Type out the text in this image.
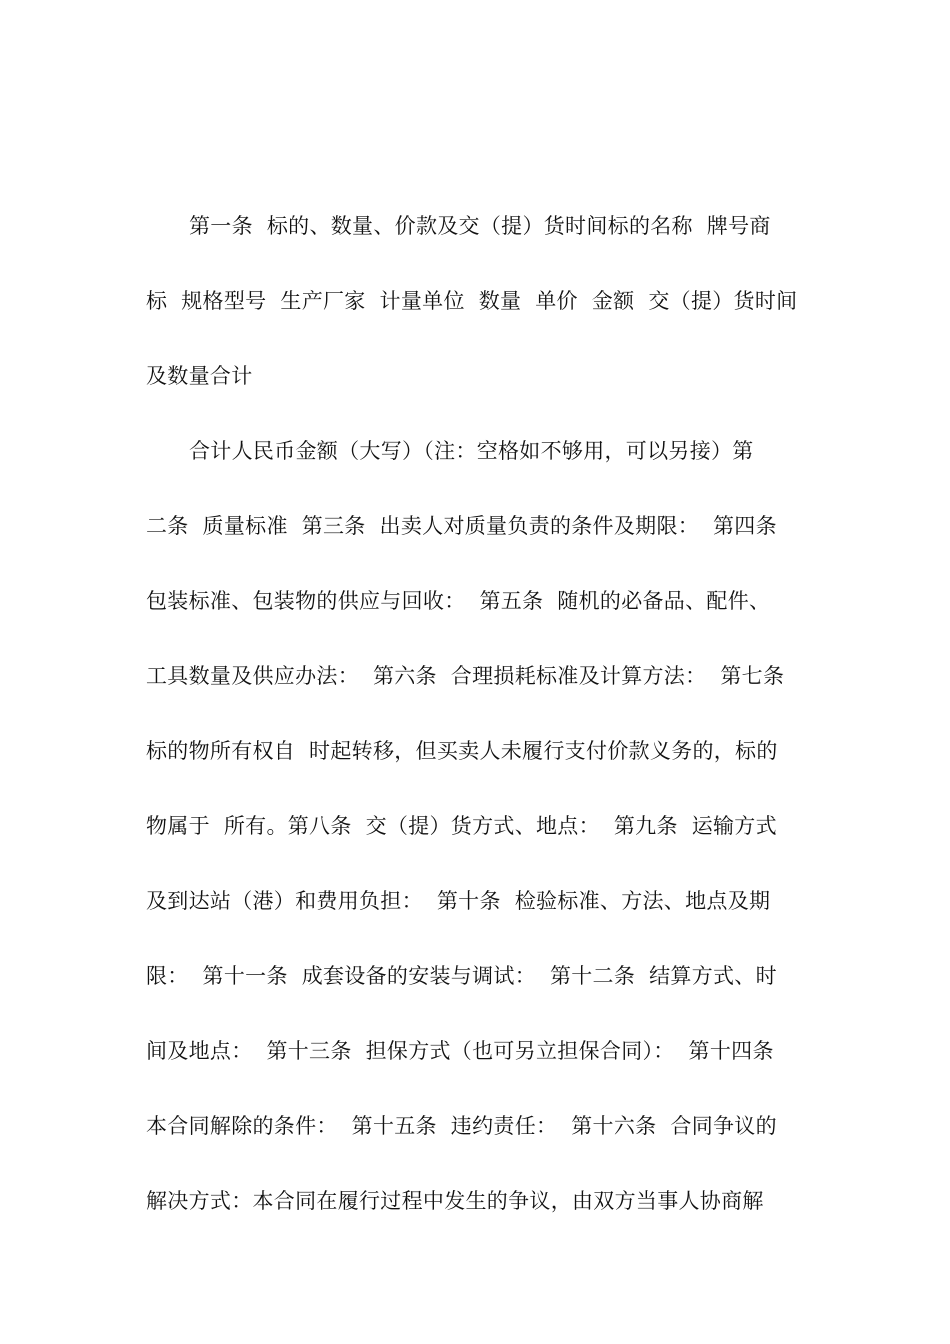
第一条  标的、数量、价款及交（提）货时间标的名称  牌号商

标  规格型号  生产厂家  计量单位  数量  单价  金额  交（提）货时间

及数量合计

合计人民币金额（大写）（注：空格如不够用，可以另接）第

二条  质量标准  第三条  出卖人对质量负责的条件及期限：  第四条

包装标准、包装物的供应与回收：  第五条  随机的必备品、配件、

工具数量及供应办法：  第六条  合理损耗标准及计算方法：  第七条

标的物所有权自  时起转移，但买卖人未履行支付价款义务的，标的

物属于  所有。第八条  交（提）货方式、地点：  第九条  运输方式

及到达站（港）和费用负担：  第十条  检验标准、方法、地点及期

限：  第十一条  成套设备的安装与调试：  第十二条  结算方式、时

间及地点：  第十三条  担保方式（也可另立担保合同）：  第十四条

本合同解除的条件：  第十五条  违约责任：  第十六条  合同争议的

解决方式：本合同在履行过程中发生的争议，由双方当事人协商解
